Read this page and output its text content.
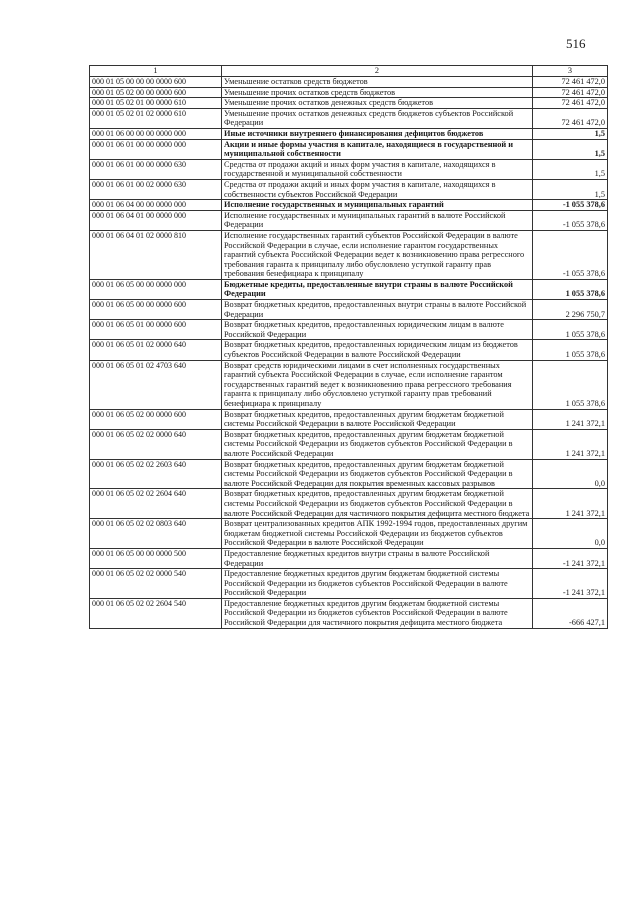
516
1	2	3
000 01 05 00 00 00 0000 600	Уменьшение остатков средств бюджетов	72 461 472,0
000 01 05 02 00 00 0000 600	Уменьшение прочих остатков средств бюджетов	72 461 472,0
000 01 05 02 01 00 0000 610	Уменьшение прочих остатков денежных средств бюджетов	72 461 472,0
000 01 05 02 01 02 0000 610	Уменьшение прочих остатков денежных средств бюджетов субъектов Российской Федерации	72 461 472,0
000 01 06 00 00 00 0000 000	Иные источники внутреннего финансирования дефицитов бюджетов	1,5
000 01 06 01 00 00 0000 000	Акции и иные формы участия в капитале, находящиеся в государственной и муниципальной собственности	1,5
000 01 06 01 00 00 0000 630	Средства от продажи акций и иных форм участия в капитале, находящихся в государственной и муниципальной собственности	1,5
000 01 06 01 00 02 0000 630	Средства от продажи акций и иных форм участия в капитале, находящихся в собственности субъектов Российской Федерации	1,5
000 01 06 04 00 00 0000 000	Исполнение государственных и муниципальных гарантий	-1 055 378,6
000 01 06 04 01 00 0000 000	Исполнение государственных и муниципальных гарантий в валюте Российской Федерации	-1 055 378,6
000 01 06 04 01 02 0000 810	Исполнение государственных гарантий субъектов Российской Федерации в валюте Российской Федерации в случае, если исполнение гарантом государственных гарантий субъекта Российской Федерации ведет к возникновению права регрессного требования гаранта к принципалу либо обусловлено уступкой гаранту прав требования бенефициара к принципалу	-1 055 378,6
000 01 06 05 00 00 0000 000	Бюджетные кредиты, предоставленные внутри страны в валюте Российской Федерации	1 055 378,6
000 01 06 05 00 00 0000 600	Возврат бюджетных кредитов, предоставленных внутри страны в валюте Российской Федерации	2 296 750,7
000 01 06 05 01 00 0000 600	Возврат бюджетных кредитов, предоставленных юридическим лицам в валюте Российской Федерации	1 055 378,6
000 01 06 05 01 02 0000 640	Возврат бюджетных кредитов, предоставленных юридическим лицам из бюджетов субъектов Российской Федерации в валюте Российской Федерации	1 055 378,6
000 01 06 05 01 02 4703 640	Возврат средств юридическими лицами в счет исполненных государственных гарантий субъекта Российской Федерации в случае, если исполнение гарантом государственных гарантий ведет к возникновению права регрессного требования гаранта к принципалу либо обусловлено уступкой гаранту прав требований бенефициара к принципалу	1 055 378,6
000 01 06 05 02 00 0000 600	Возврат бюджетных кредитов, предоставленных другим бюджетам бюджетной системы Российской Федерации в валюте Российской Федерации	1 241 372,1
000 01 06 05 02 02 0000 640	Возврат бюджетных кредитов, предоставленных другим бюджетам бюджетной системы Российской Федерации из бюджетов субъектов Российской Федерации в валюте Российской Федерации	1 241 372,1
000 01 06 05 02 02 2603 640	Возврат бюджетных кредитов, предоставленных другим бюджетам бюджетной системы Российской Федерации из бюджетов субъектов Российской Федерации в валюте Российской Федерации для покрытия временных кассовых разрывов	0,0
000 01 06 05 02 02 2604 640	Возврат бюджетных кредитов, предоставленных другим бюджетам бюджетной системы Российской Федерации из бюджетов субъектов Российской Федерации в валюте Российской Федерации для частичного покрытия дефицита местного бюджета	1 241 372,1
000 01 06 05 02 02 0803 640	Возврат централизованных кредитов АПК 1992-1994 годов, предоставленных другим бюджетам бюджетной системы Российской Федерации из бюджетов субъектов Российской Федерации в валюте Российской Федерации	0,0
000 01 06 05 00 00 0000 500	Предоставление бюджетных кредитов внутри страны в валюте Российской Федерации	-1 241 372,1
000 01 06 05 02 02 0000 540	Предоставление бюджетных кредитов другим бюджетам бюджетной системы Российской Федерации из бюджетов субъектов Российской Федерации в валюте Российской Федерации	-1 241 372,1
000 01 06 05 02 02 2604 540	Предоставление бюджетных кредитов другим бюджетам бюджетной системы Российской Федерации из бюджетов субъектов Российской Федерации в валюте Российской Федерации для частичного покрытия дефицита местного бюджета	-666 427,1
